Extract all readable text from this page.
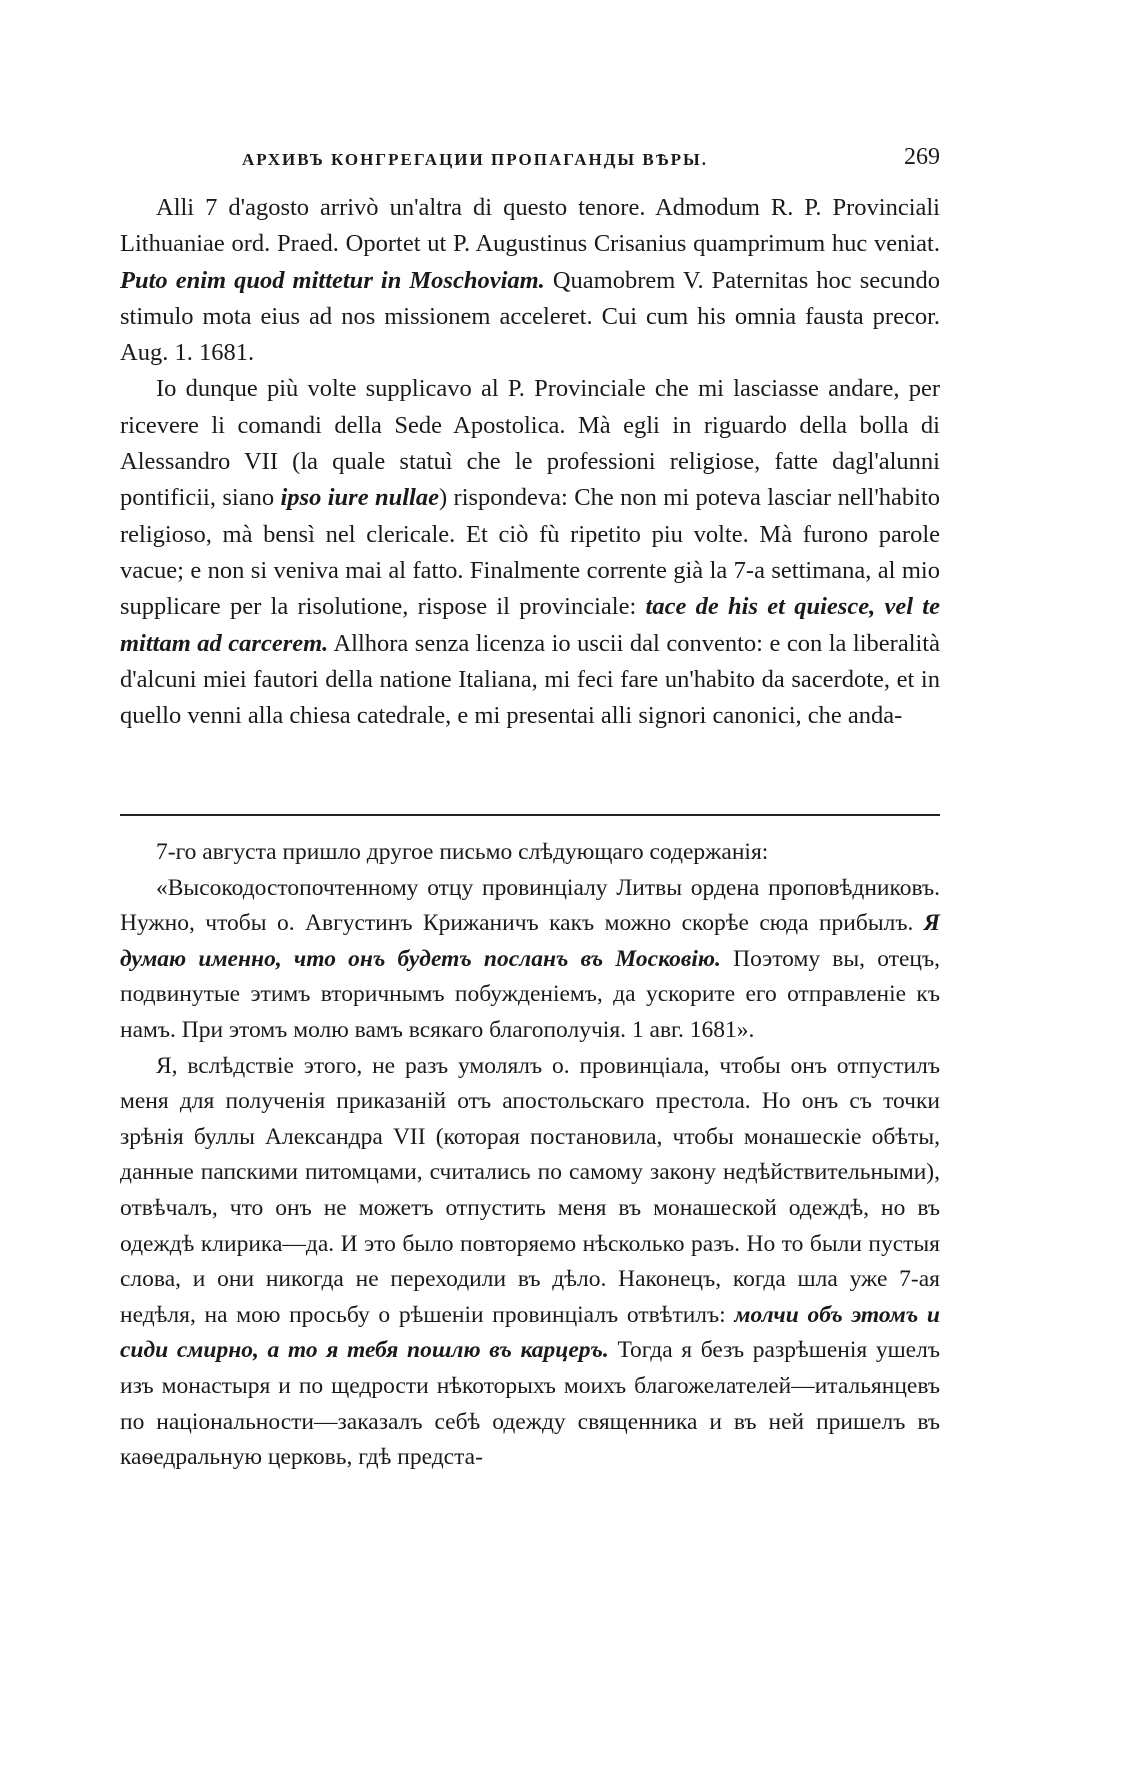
АРХИВЪ КОНГРЕГАЦИИ ПРОПАГАНДЫ ВѢРЫ.	269

Alli 7 d'agosto arrivò un'altra di questo tenore. Admodum R. P. Provinciali Lithuaniae ord. Praed. Oportet ut P. Augustinus Crisanius quamprimum huc veniat. Puto enim quod mittetur in Moschoviam. Quamobrem V. Paternitas hoc secundo stimulo mota eius ad nos missionem acceleret. Cui cum his omnia fausta precor. Aug. 1. 1681.

Io dunque più volte supplicavo al P. Provinciale che mi lasciasse andare, per ricevere li comandi della Sede Apostolica. Mà egli in riguardo della bolla di Alessandro VII (la quale statuì che le professioni religiose, fatte dagl'alunni pontificii, siano ipso iure nullae) rispondeva: Che non mi poteva lasciar nell'habito religioso, mà bensì nel clericale. Et ciò fù ripetito piu volte. Mà furono parole vacue; e non si veniva mai al fatto. Finalmente corrente già la 7-a settimana, al mio supplicare per la risolutione, rispose il provinciale: tace de his et quiesce, vel te mittam ad carcerem. Allhora senza licenza io uscii dal convento: e con la liberalità d'alcuni miei fautori della natione Italiana, mi feci fare un'habito da sacerdote, et in quello venni alla chiesa catedrale, e mi presentai alli signori canonici, che anda-

7-го августа пришло другое письмо слѣдующаго содержанія:

«Высокодостопочтенному отцу провинціалу Литвы ордена проповѣдниковъ. Нужно, чтобы о. Августинъ Крижаничъ какъ можно скорѣе сюда прибылъ. Я думаю именно, что онъ будетъ посланъ въ Московію. Поэтому вы, отецъ, подвинутые этимъ вторичнымъ побужденіемъ, да ускорите его отправленіе къ намъ. При этомъ молю вамъ всякаго благополучія. 1 авг. 1681».

Я, вслѣдствіе этого, не разъ умолялъ о. провинціала, чтобы онъ отпустилъ меня для полученія приказаній отъ апостольскаго престола. Но онъ съ точки зрѣнія буллы Александра VII (которая постановила, чтобы монашескіе обѣты, данные папскими питомцами, считались по самому закону недѣйствительными), отвѣчалъ, что онъ не можетъ отпустить меня въ монашеской одеждѣ, но въ одеждѣ клирика—да. И это было повторяемо нѣсколько разъ. Но то были пустыя слова, и они никогда не переходили въ дѣло. Наконецъ, когда шла уже 7-ая недѣля, на мою просьбу о рѣшеніи провинціалъ отвѣтилъ: молчи объ этомъ и сиди смирно, а то я тебя пошлю въ карцеръ. Тогда я безъ разрѣшенія ушелъ изъ монастыря и по щедрости нѣкоторыхъ моихъ благожелателей—итальянцевъ по національности—заказалъ себѣ одежду священника и въ ней пришелъ въ каѳедральную церковь, гдѣ предста-
